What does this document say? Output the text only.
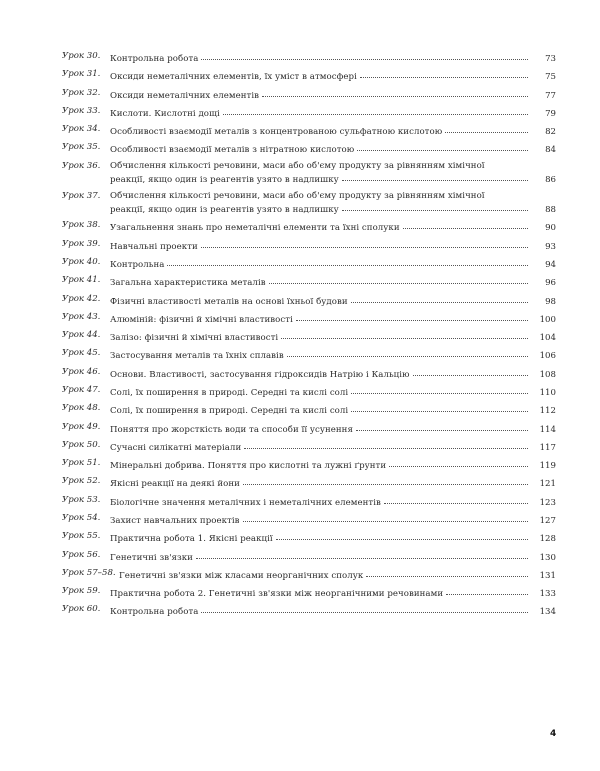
Урок 30.	Контрольна робота	73
Урок 31.	Оксиди неметалічних елементів, їх уміст в атмосфері	75
Урок 32.	Оксиди неметалічних елементів	77
Урок 33.	Кислоти. Кислотні дощі	79
Урок 34.	Особливості взаємодії металів з концентрованою сульфатною кислотою	82
Урок 35.	Особливості взаємодії металів з нітратною кислотою	84
Урок 36.	Обчислення кількості речовини, маси або об'єму продукту за рівнянням хімічної
реакції, якщо один із реагентів узято в надлишку	86
Урок 37.	Обчислення кількості речовини, маси або об'єму продукту за рівнянням хімічної
реакції, якщо один із реагентів узято в надлишку	88
Урок 38.	Узагальнення знань про неметалічні елементи та їхні сполуки	90
Урок 39.	Навчальні проекти	93
Урок 40.	Контрольна	94
Урок 41.	Загальна характеристика металів	96
Урок 42.	Фізичні властивості металів на основі їхньої будови	98
Урок 43.	Алюміній: фізичні й хімічні властивості	100
Урок 44.	Залізо: фізичні й хімічні властивості	104
Урок 45.	Застосування металів та їхніх сплавів	106
Урок 46.	Основи. Властивості, застосування гідроксидів Натрію і Кальцію	108
Урок 47.	Солі, їх поширення в природі. Середні та кислі солі	110
Урок 48.	Солі, їх поширення в природі. Середні та кислі солі	112
Урок 49.	Поняття про жорсткість води та способи її усунення	114
Урок 50.	Сучасні силікатні матеріали	117
Урок 51.	Мінеральні добрива. Поняття про кислотні та лужні ґрунти	119
Урок 52.	Якісні реакції на деякі йони	121
Урок 53.	Біологічне значення металічних і неметалічних елементів	123
Урок 54.	Захист навчальних проектів	127
Урок 55.	Практична робота 1. Якісні реакції	128
Урок 56.	Генетичні зв'язки	130
Урок 57–58. Генетичні зв'язки між класами неорганічних сполук	131
Урок 59.	Практична робота 2. Генетичні зв'язки між неорганічними речовинами	133
Урок 60.	Контрольна робота	134
4
